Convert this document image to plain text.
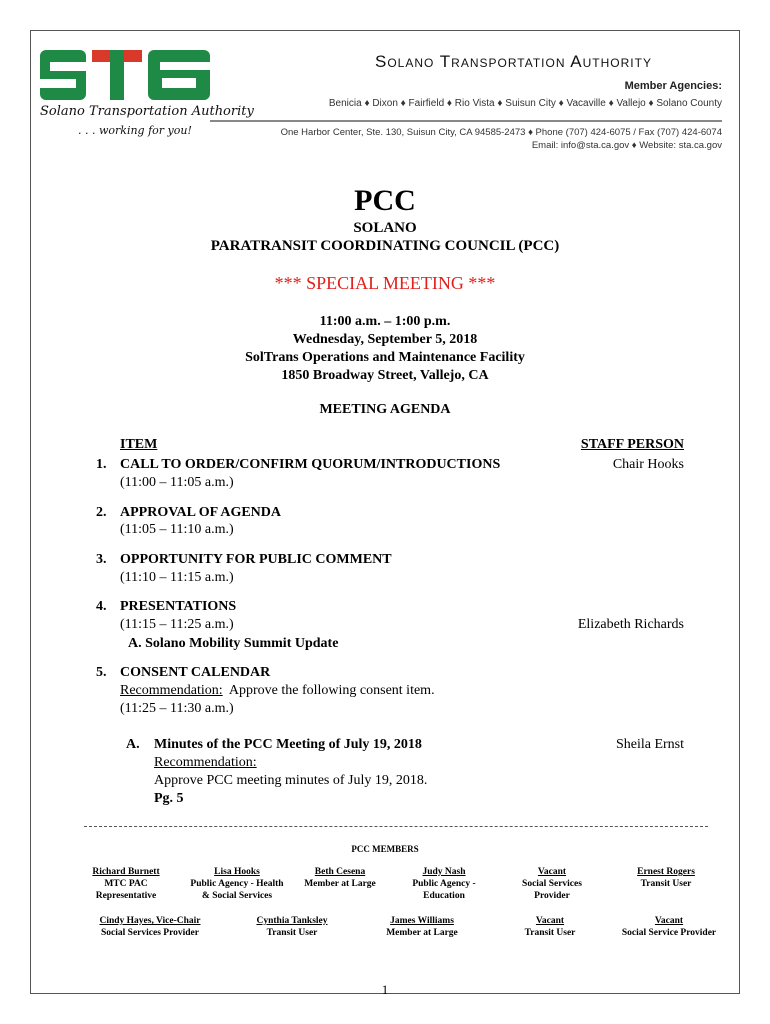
Solano Transportation Authority
. . . working for you!
Solano Transportation Authority
Member Agencies:
Benicia ♦ Dixon ♦ Fairfield ♦ Rio Vista ♦ Suisun City ♦ Vacaville ♦ Vallejo ♦ Solano County
One Harbor Center, Ste. 130, Suisun City, CA 94585-2473 ♦ Phone (707) 424-6075 / Fax (707) 424-6074
Email: info@sta.ca.gov ♦ Website: sta.ca.gov
PCC
SOLANO
PARATRANSIT COORDINATING COUNCIL (PCC)
*** SPECIAL MEETING ***
11:00 a.m. – 1:00 p.m.
Wednesday, September 5, 2018
SolTrans Operations and Maintenance Facility
1850 Broadway Street, Vallejo, CA
MEETING AGENDA
ITEM	STAFF PERSON
1. CALL TO ORDER/CONFIRM QUORUM/INTRODUCTIONS	Chair Hooks
(11:00 – 11:05 a.m.)
2. APPROVAL OF AGENDA
(11:05 – 11:10 a.m.)
3. OPPORTUNITY FOR PUBLIC COMMENT
(11:10 – 11:15 a.m.)
4. PRESENTATIONS
(11:15 – 11:25 a.m.)	Elizabeth Richards
A. Solano Mobility Summit Update
5. CONSENT CALENDAR
Recommendation:  Approve the following consent item.
(11:25 – 11:30 a.m.)
A. Minutes of the PCC Meeting of July 19, 2018	Sheila Ernst
Recommendation:
Approve PCC meeting minutes of July 19, 2018.
Pg. 5
PCC MEMBERS
Richard Burnett
MTC PAC
Representative
Lisa Hooks
Public Agency - Health
& Social Services
Beth Cesena
Member at Large
Judy Nash
Public Agency -
Education
Vacant
Social Services
Provider
Ernest Rogers
Transit User
Cindy Hayes, Vice-Chair
Social Services Provider
Cynthia Tanksley
Transit User
James Williams
Member at Large
Vacant
Transit User
Vacant
Social Service Provider
1
